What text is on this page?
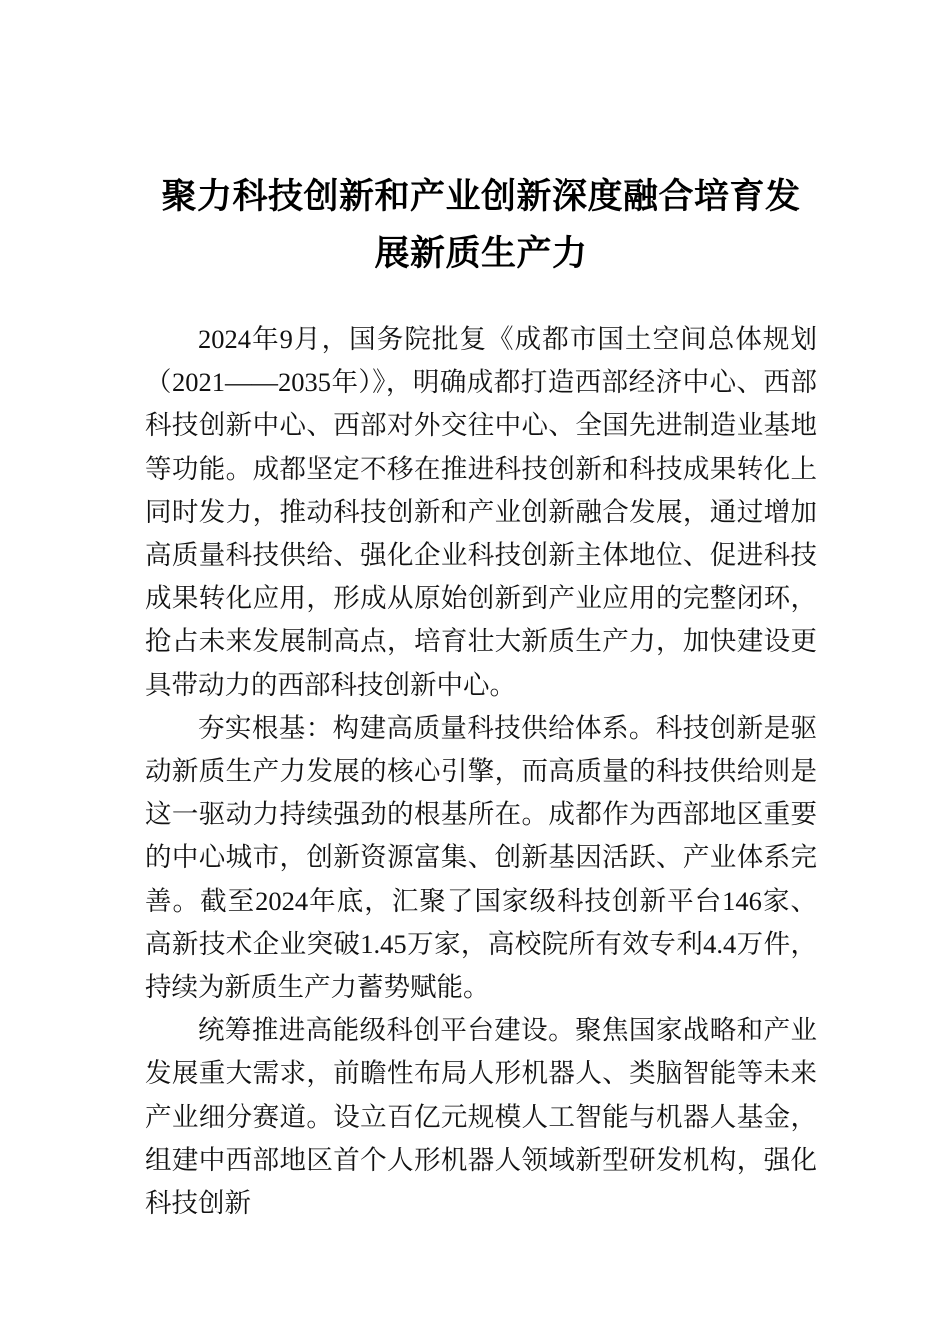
聚力科技创新和产业创新深度融合培育发展新质生产力

2024年9月，国务院批复《成都市国土空间总体规划（2021——2035年）》，明确成都打造西部经济中心、西部科技创新中心、西部对外交往中心、全国先进制造业基地等功能。成都坚定不移在推进科技创新和科技成果转化上同时发力，推动科技创新和产业创新融合发展，通过增加高质量科技供给、强化企业科技创新主体地位、促进科技成果转化应用，形成从原始创新到产业应用的完整闭环，抢占未来发展制高点，培育壮大新质生产力，加快建设更具带动力的西部科技创新中心。

夯实根基：构建高质量科技供给体系。科技创新是驱动新质生产力发展的核心引擎，而高质量的科技供给则是这一驱动力持续强劲的根基所在。成都作为西部地区重要的中心城市，创新资源富集、创新基因活跃、产业体系完善。截至2024年底，汇聚了国家级科技创新平台146家、高新技术企业突破1.45万家，高校院所有效专利4.4万件，持续为新质生产力蓄势赋能。

统筹推进高能级科创平台建设。聚焦国家战略和产业发展重大需求，前瞻性布局人形机器人、类脑智能等未来产业细分赛道。设立百亿元规模人工智能与机器人基金，组建中西部地区首个人形机器人领域新型研发机构，强化科技创新
